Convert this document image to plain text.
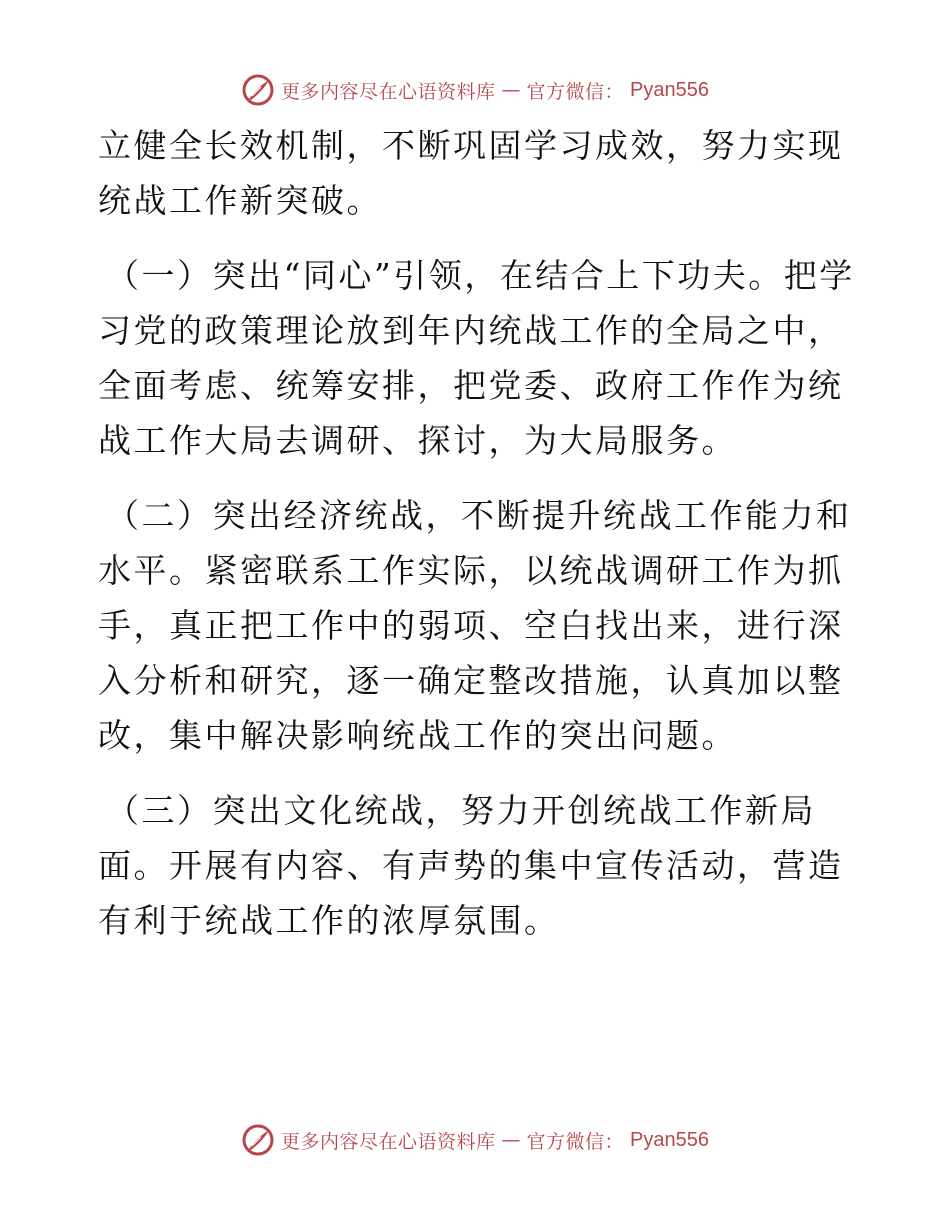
更多内容尽在心语资料库 — 官方微信： Pyan556

立健全长效机制，不断巩固学习成效，努力实现统战工作新突破。

（一）突出“同心”引领，在结合上下功夫。把学习党的政策理论放到年内统战工作的全局之中，全面考虑、统筹安排，把党委、政府工作作为统战工作大局去调研、探讨，为大局服务。

（二）突出经济统战，不断提升统战工作能力和水平。紧密联系工作实际，以统战调研工作为抓手，真正把工作中的弱项、空白找出来，进行深入分析和研究，逐一确定整改措施，认真加以整改，集中解决影响统战工作的突出问题。

（三）突出文化统战，努力开创统战工作新局面。开展有内容、有声势的集中宣传活动，营造有利于统战工作的浓厚氛围。

更多内容尽在心语资料库 — 官方微信： Pyan556
